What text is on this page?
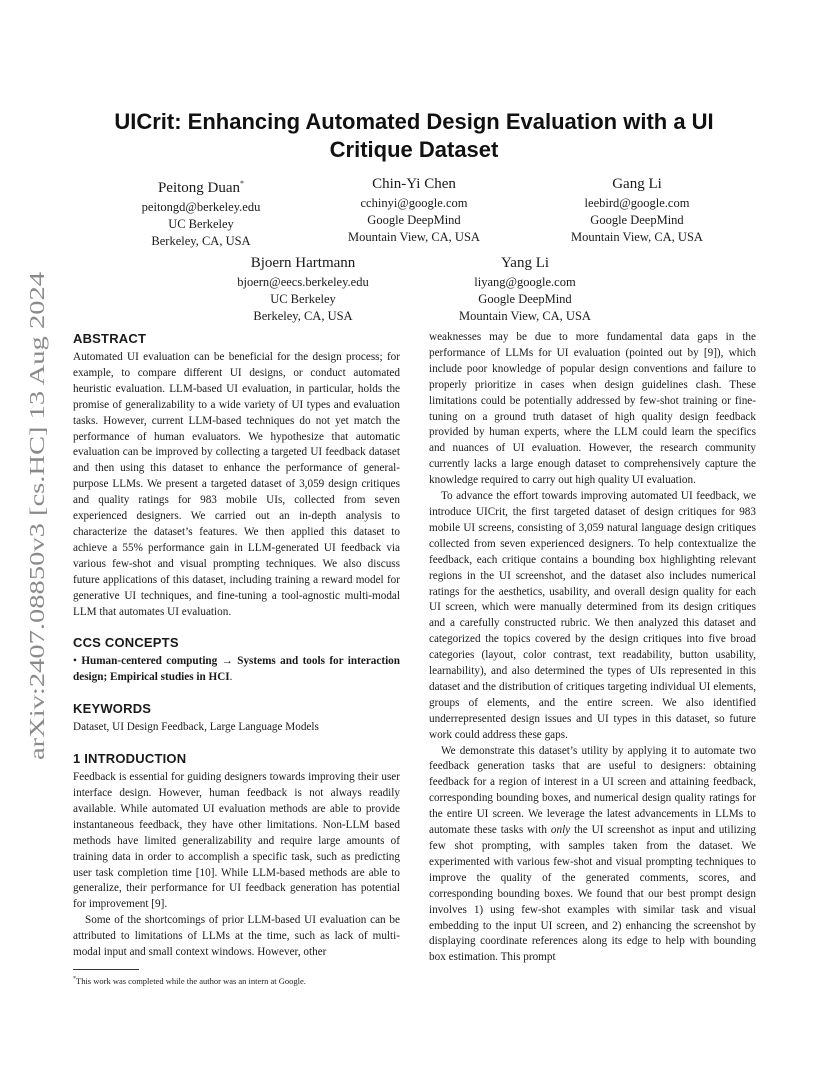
arXiv:2407.08850v3 [cs.HC] 13 Aug 2024
UICrit: Enhancing Automated Design Evaluation with a UI Critique Dataset
Peitong Duan*
peitongd@berkeley.edu
UC Berkeley
Berkeley, CA, USA
Chin-Yi Chen
cchinyi@google.com
Google DeepMind
Mountain View, CA, USA
Gang Li
leebird@google.com
Google DeepMind
Mountain View, CA, USA
Bjoern Hartmann
bjoern@eecs.berkeley.edu
UC Berkeley
Berkeley, CA, USA
Yang Li
liyang@google.com
Google DeepMind
Mountain View, CA, USA
ABSTRACT

Automated UI evaluation can be beneficial for the design process; for example, to compare different UI designs, or conduct automated heuristic evaluation. LLM-based UI evaluation, in particular, holds the promise of generalizability to a wide variety of UI types and evaluation tasks. However, current LLM-based techniques do not yet match the performance of human evaluators. We hypothesize that automatic evaluation can be improved by collecting a targeted UI feedback dataset and then using this dataset to enhance the performance of general-purpose LLMs. We present a targeted dataset of 3,059 design critiques and quality ratings for 983 mobile UIs, collected from seven experienced designers. We carried out an in-depth analysis to characterize the dataset’s features. We then applied this dataset to achieve a 55% performance gain in LLM-generated UI feedback via various few-shot and visual prompting techniques. We also discuss future applications of this dataset, including training a reward model for generative UI techniques, and fine-tuning a tool-agnostic multi-modal LLM that automates UI evaluation.

CCS CONCEPTS

• Human-centered computing → Systems and tools for interaction design; Empirical studies in HCI.

KEYWORDS

Dataset, UI Design Feedback, Large Language Models

1 INTRODUCTION

Feedback is essential for guiding designers towards improving their user interface design. However, human feedback is not always readily available. While automated UI evaluation methods are able to provide instantaneous feedback, they have other limitations. Non-LLM based methods have limited generalizability and require large amounts of training data in order to accomplish a specific task, such as predicting user task completion time [10]. While LLM-based methods are able to generalize, their performance for UI feedback generation has potential for improvement [9].

Some of the shortcomings of prior LLM-based UI evaluation can be attributed to limitations of LLMs at the time, such as lack of multi-modal input and small context windows. However, other

*This work was completed while the author was an intern at Google.

weaknesses may be due to more fundamental data gaps in the performance of LLMs for UI evaluation (pointed out by [9]), which include poor knowledge of popular design conventions and failure to properly prioritize in cases when design guidelines clash. These limitations could be potentially addressed by few-shot training or fine-tuning on a ground truth dataset of high quality design feedback provided by human experts, where the LLM could learn the specifics and nuances of UI evaluation. However, the research community currently lacks a large enough dataset to comprehensively capture the knowledge required to carry out high quality UI evaluation.

To advance the effort towards improving automated UI feedback, we introduce UICrit, the first targeted dataset of design critiques for 983 mobile UI screens, consisting of 3,059 natural language design critiques collected from seven experienced designers. To help contextualize the feedback, each critique contains a bounding box highlighting relevant regions in the UI screenshot, and the dataset also includes numerical ratings for the aesthetics, usability, and overall design quality for each UI screen, which were manually determined from its design critiques and a carefully constructed rubric. We then analyzed this dataset and categorized the topics covered by the design critiques into five broad categories (layout, color contrast, text readability, button usability, learnability), and also determined the types of UIs represented in this dataset and the distribution of critiques targeting individual UI elements, groups of elements, and the entire screen. We also identified underrepresented design issues and UI types in this dataset, so future work could address these gaps.

We demonstrate this dataset’s utility by applying it to automate two feedback generation tasks that are useful to designers: obtaining feedback for a region of interest in a UI screen and attaining feedback, corresponding bounding boxes, and numerical design quality ratings for the entire UI screen. We leverage the latest advancements in LLMs to automate these tasks with only the UI screenshot as input and utilizing few shot prompting, with samples taken from the dataset. We experimented with various few-shot and visual prompting techniques to improve the quality of the generated comments, scores, and corresponding bounding boxes. We found that our best prompt design involves 1) using few-shot examples with similar task and visual embedding to the input UI screen, and 2) enhancing the screenshot by displaying coordinate references along its edge to help with bounding box estimation. This prompt
